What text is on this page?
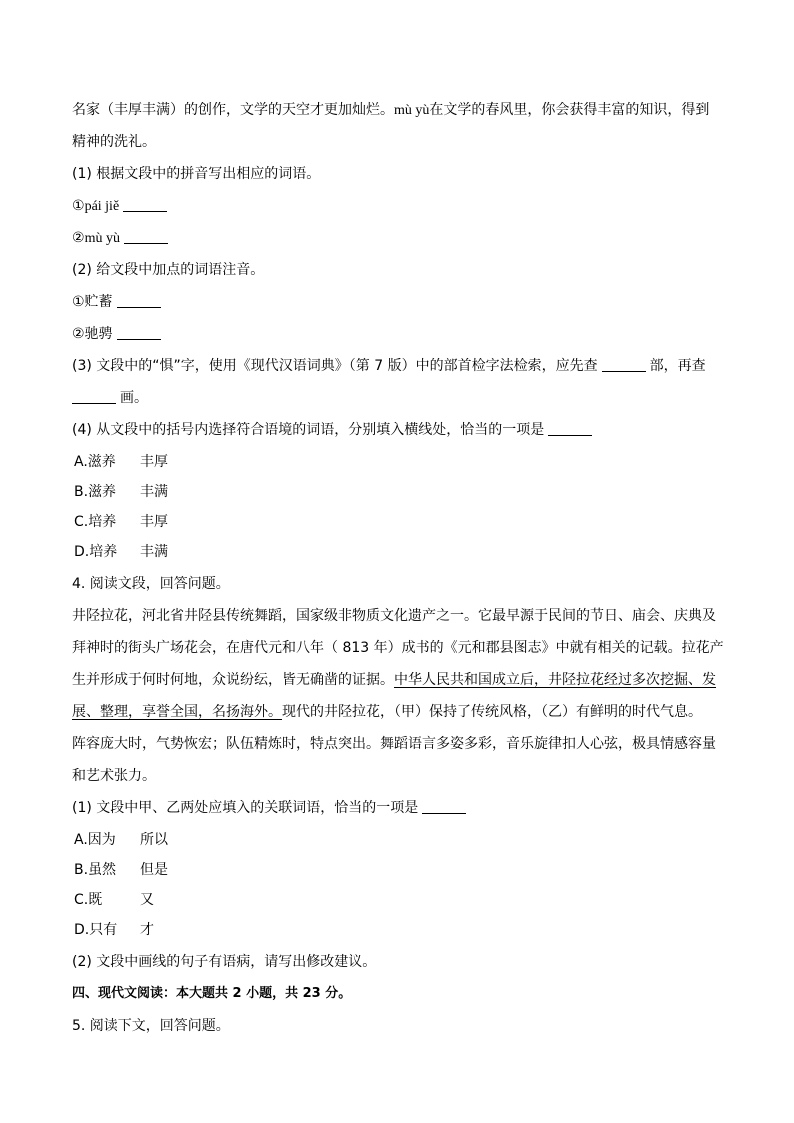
名家（丰厚丰满）的创作，文学的天空才更加灿烂。mù yù在文学的春风里，你会获得丰富的知识，得到
精神的洗礼。
(1) 根据文段中的拼音写出相应的词语。
①pái jiě
②mù yù
(2) 给文段中加点的词语注音。
①贮蓄
②驰骋
(3) 文段中的“惧”字，使用《现代汉语词典》（第 7 版）中的部首检字法检索，应先查	部，再查
画。
(4) 从文段中的括号内选择符合语境的词语，分别填入横线处，恰当的一项是
A.滋养 丰厚
B.滋养 丰满
C.培养 丰厚
D.培养 丰满
4. 阅读文段，回答问题。
井陉拉花，河北省井陉县传统舞蹈，国家级非物质文化遗产之一。它最早源于民间的节日、庙会、庆典及
拜神时的街头广场花会，在唐代元和八年（ 813 年）成书的《元和郡县图志》中就有相关的记载。拉花产
生并形成于何时何地，众说纷纭，皆无确凿的证据。中华人民共和国成立后，井陉拉花经过多次挖掘、发
展、整理，享誉全国，名扬海外。现代的井陉拉花，（甲）保持了传统风格，（乙）有鲜明的时代气息。
阵容庞大时，气势恢宏；队伍精炼时，特点突出。舞蹈语言多姿多彩，音乐旋律扣人心弦，极具情感容量
和艺术张力。
(1) 文段中甲、乙两处应填入的关联词语，恰当的一项是
A.因为 所以
B.虽然 但是
C.既	又
D.只有 才
(2) 文段中画线的句子有语病，请写出修改建议。
四、现代文阅读：本大题共 2 小题，共 23 分。
5. 阅读下文，回答问题。
